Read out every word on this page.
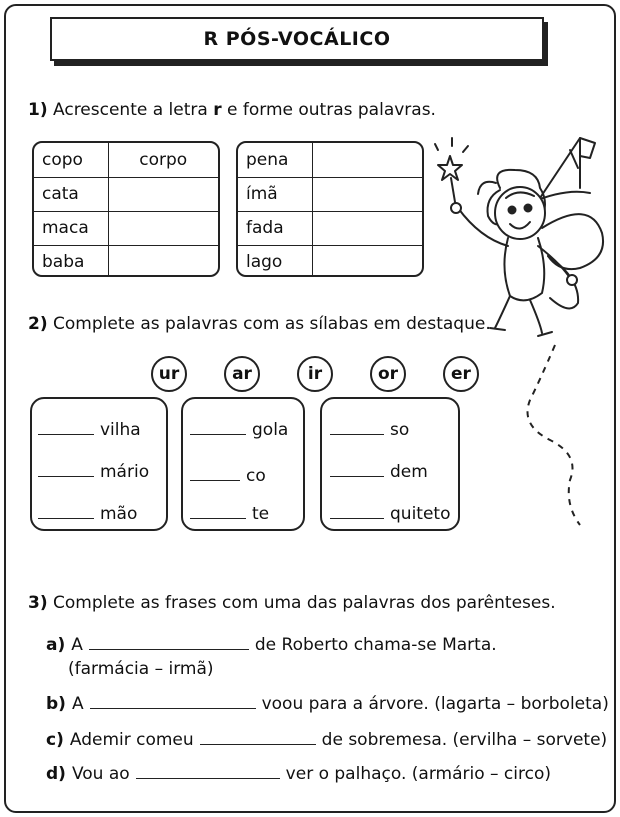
R PÓS-VOCÁLICO
1) Acrescente a letra r e forme outras palavras.
copo	corpo
cata	
maca	
baba	
pena	
ímã	
fada	
lago	
2) Complete as palavras com as sílabas em destaque.
ur	ar	ir	or	er
vilha
mário
mão
gola
co
te
so
dem
quiteto
3) Complete as frases com uma das palavras dos parênteses.
a) A	de Roberto chama-se Marta.
(farmácia – irmã)
b) A	voou para a árvore. (lagarta – borboleta)
c) Ademir comeu	de sobremesa. (ervilha – sorvete)
d) Vou ao	ver o palhaço. (armário – circo)
